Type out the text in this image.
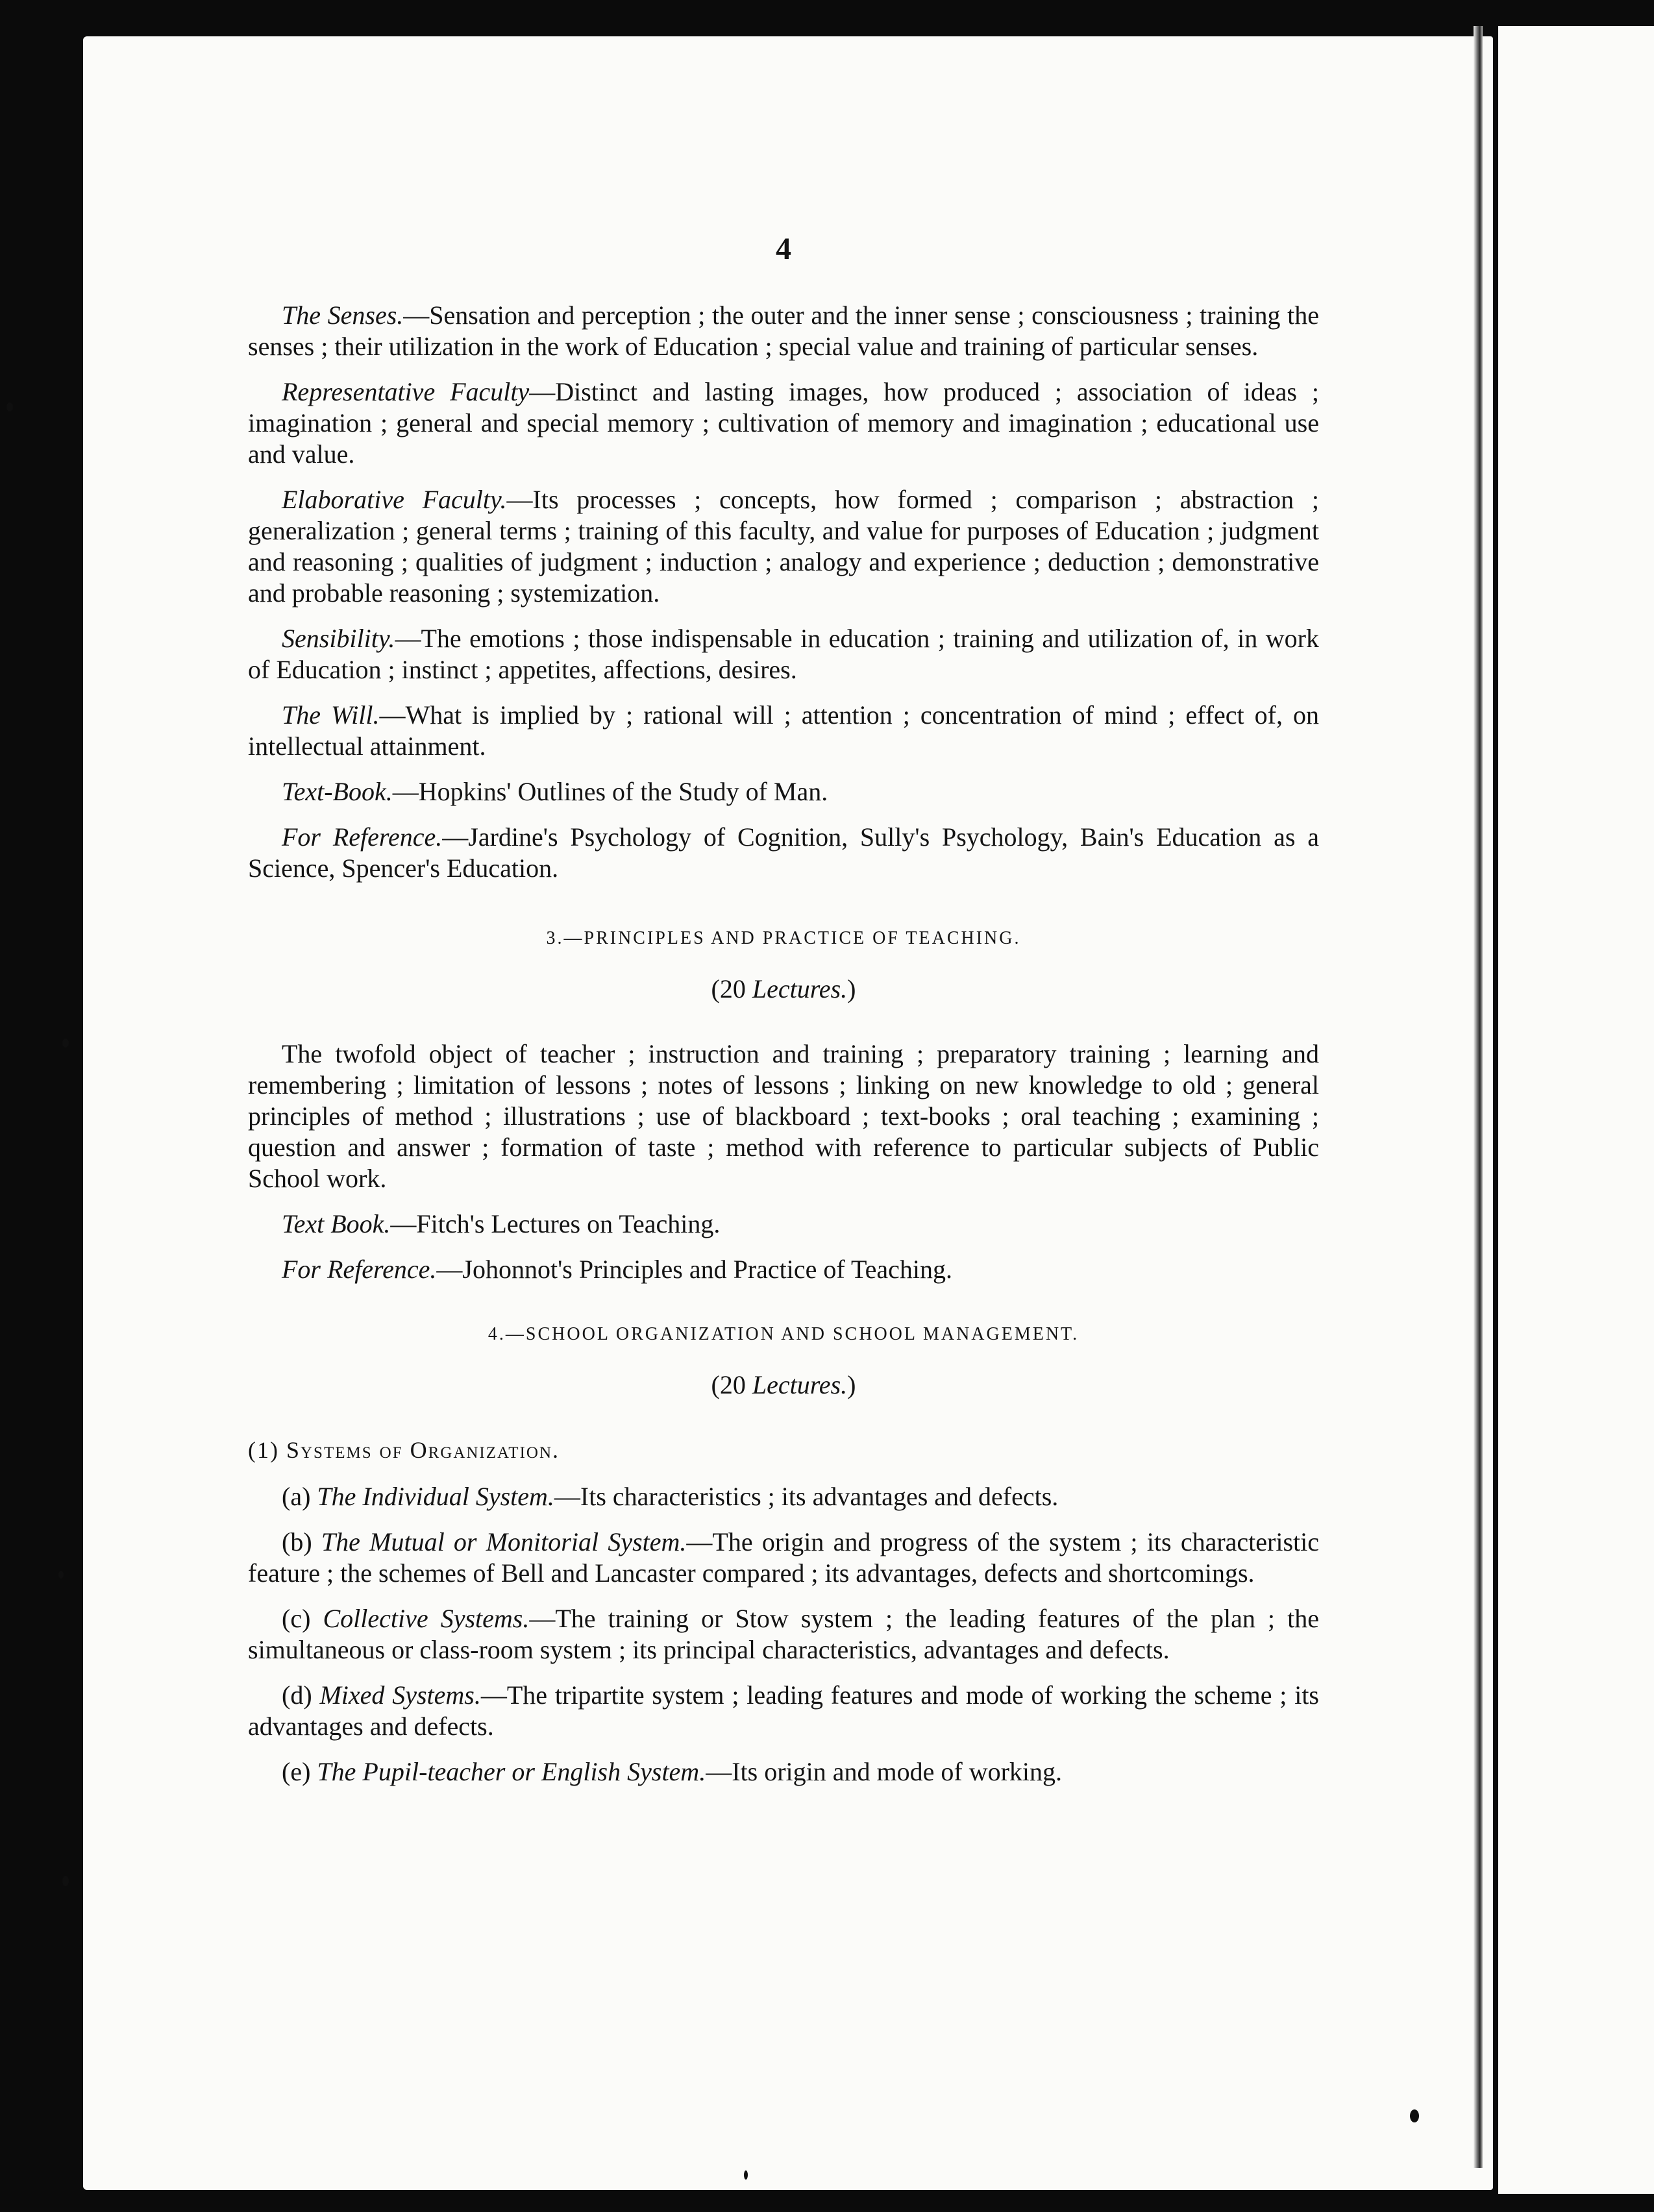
4

The Senses.—Sensation and perception ; the outer and the inner sense ; consciousness ; training the senses ; their utilization in the work of Education ; special value and training of particular senses.

Representative Faculty—Distinct and lasting images, how produced ; association of ideas ; imagination ; general and special memory ; cultivation of memory and imagination ; educational use and value.

Elaborative Faculty.—Its processes ; concepts, how formed ; comparison ; abstraction ; generalization ; general terms ; training of this faculty, and value for purposes of Education ; judgment and reasoning ; qualities of judgment ; induction ; analogy and experience ; deduction ; demonstrative and probable reasoning ; systemization.

Sensibility.—The emotions ; those indispensable in education ; training and utilization of, in work of Education ; instinct ; appetites, affections, desires.

The Will.—What is implied by ; rational will ; attention ; concentration of mind ; effect of, on intellectual attainment.

Text-Book.—Hopkins' Outlines of the Study of Man.

For Reference.—Jardine's Psychology of Cognition, Sully's Psychology, Bain's Education as a Science, Spencer's Education.

3.—PRINCIPLES AND PRACTICE OF TEACHING.
(20 Lectures.)

The twofold object of teacher ; instruction and training ; preparatory training ; learning and remembering ; limitation of lessons ; notes of lessons ; linking on new knowledge to old ; general principles of method ; illustrations ; use of blackboard ; text-books ; oral teaching ; examining ; question and answer ; formation of taste ; method with reference to particular subjects of Public School work.

Text Book.—Fitch's Lectures on Teaching.

For Reference.—Johonnot's Principles and Practice of Teaching.

4.—SCHOOL ORGANIZATION AND SCHOOL MANAGEMENT.
(20 Lectures.)
(1) Systems of Organization.

(a) The Individual System.—Its characteristics ; its advantages and defects.

(b) The Mutual or Monitorial System.—The origin and progress of the system ; its characteristic feature ; the schemes of Bell and Lancaster compared ; its advantages, defects and shortcomings.

(c) Collective Systems.—The training or Stow system ; the leading features of the plan ; the simultaneous or class-room system ; its principal characteristics, advantages and defects.

(d) Mixed Systems.—The tripartite system ; leading features and mode of working the scheme ; its advantages and defects.

(e) The Pupil-teacher or English System.—Its origin and mode of working.
